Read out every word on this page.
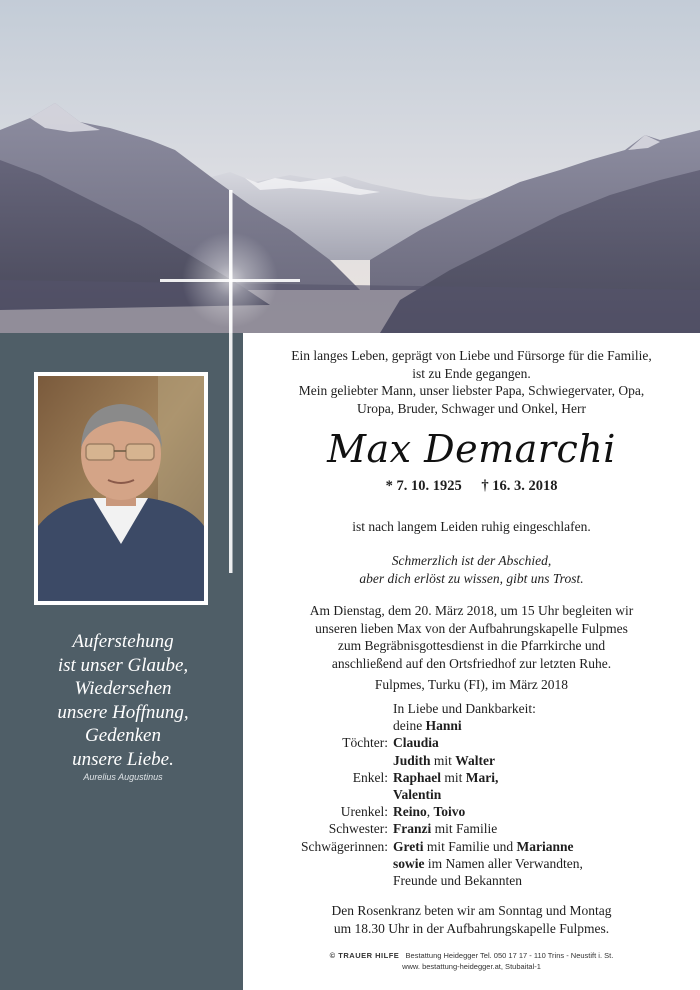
Auferstehung
ist unser Glaube,
Wiedersehen
unsere Hoffnung,
Gedenken
unsere Liebe.
Aurelius Augustinus
Ein langes Leben, geprägt von Liebe und Fürsorge für die Familie,
ist zu Ende gegangen.
Mein geliebter Mann, unser liebster Papa, Schwiegervater, Opa,
Uropa, Bruder, Schwager und Onkel, Herr
Max Demarchi
* 7. 10. 1925 † 16. 3. 2018
ist nach langem Leiden ruhig eingeschlafen.
Schmerzlich ist der Abschied,
aber dich erlöst zu wissen, gibt uns Trost.
Am Dienstag, dem 20. März 2018, um 15 Uhr begleiten wir
unseren lieben Max von der Aufbahrungskapelle Fulpmes
zum Begräbnisgottesdienst in die Pfarrkirche und
anschließend auf den Ortsfriedhof zur letzten Ruhe.
Fulpmes, Turku (FI), im März 2018
In Liebe und Dankbarkeit:
deine Hanni
Töchter: Claudia
Judith mit Walter
Enkel: Raphael mit Mari,
Valentin
Urenkel: Reino, Toivo
Schwester: Franzi mit Familie
Schwägerinnen: Greti mit Familie und Marianne
sowie im Namen aller Verwandten,
Freunde und Bekannten
Den Rosenkranz beten wir am Sonntag und Montag
um 18.30 Uhr in der Aufbahrungskapelle Fulpmes.
© TRAUER HILFE Bestattung Heidegger Tel. 050 17 17 - 110 Trins - Neustift i. St.
www. bestattung-heidegger.at, Stubaital-1
